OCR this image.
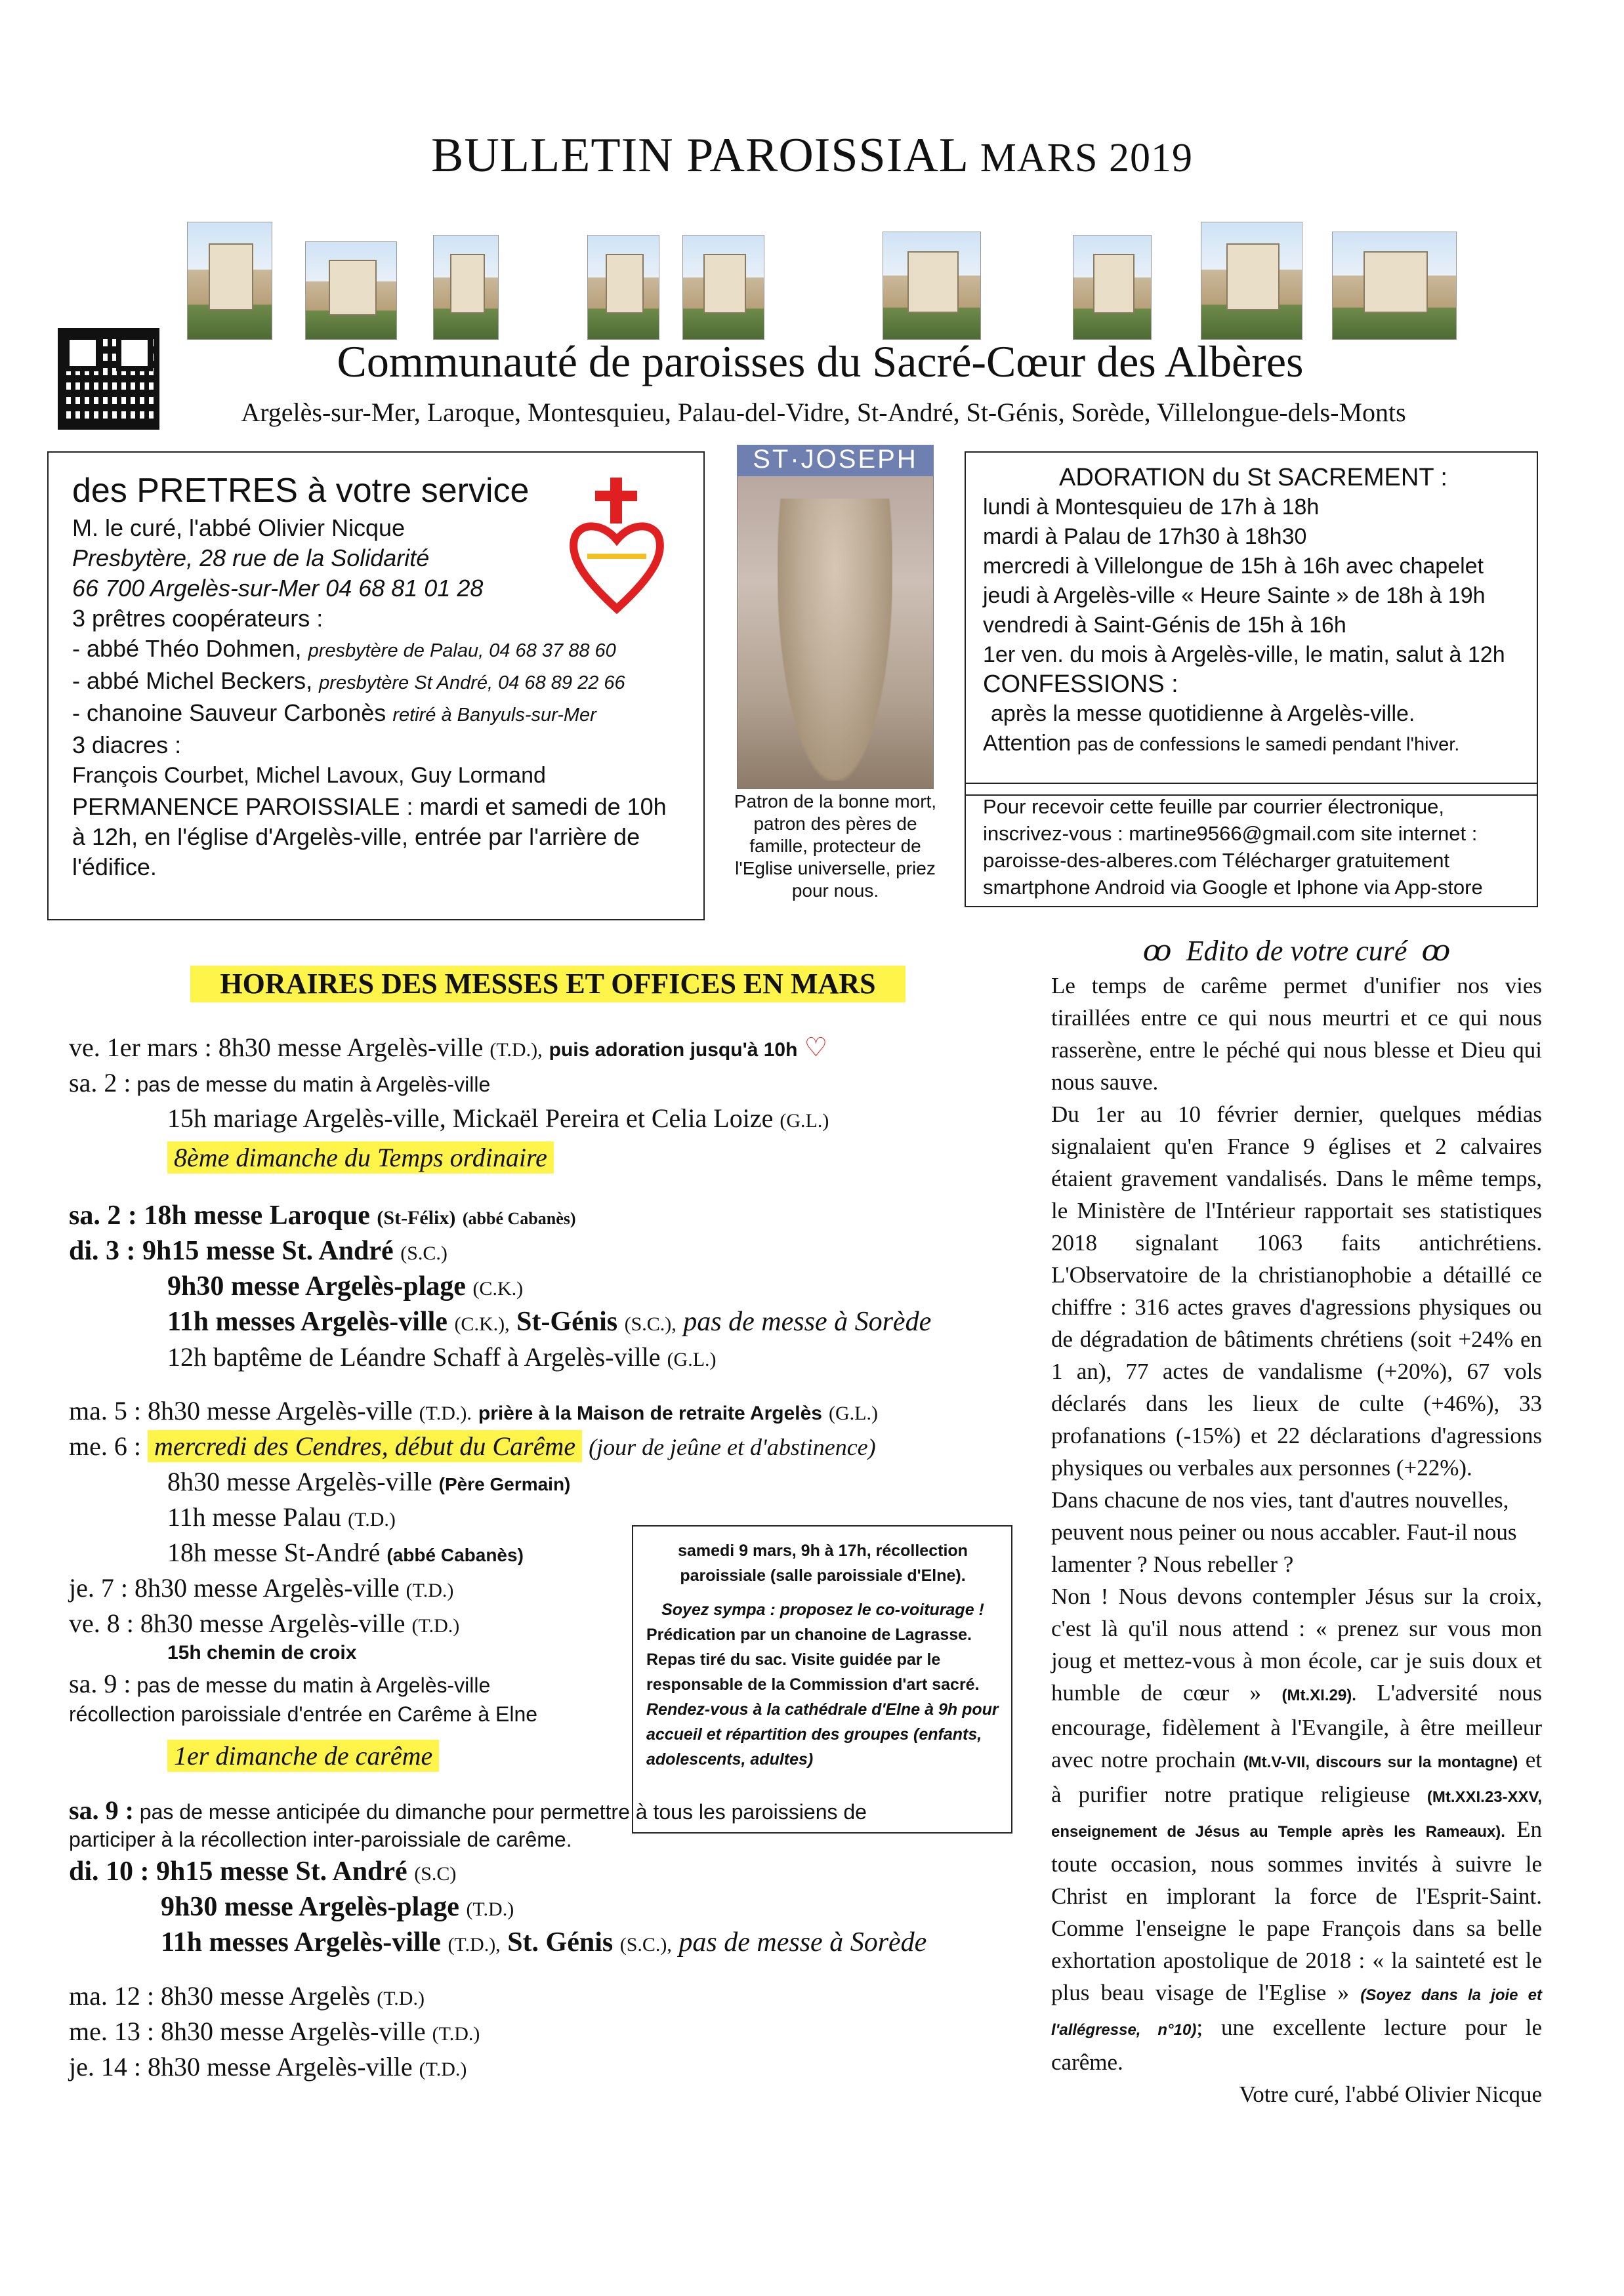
BULLETIN PAROISSIAL MARS 2019
Communauté de paroisses du Sacré-Cœur des Albères
Argelès-sur-Mer, Laroque, Montesquieu, Palau-del-Vidre, St-André, St-Génis, Sorède, Villelongue-dels-Monts
des PRETRES à votre service
M. le curé, l'abbé Olivier Nicque
Presbytère, 28 rue de la Solidarité
66 700 Argelès-sur-Mer 04 68 81 01 28
3 prêtres coopérateurs :
- abbé Théo Dohmen, presbytère de Palau, 04 68 37 88 60
- abbé Michel Beckers, presbytère St André, 04 68 89 22 66
- chanoine Sauveur Carbonès retiré à Banyuls-sur-Mer
3 diacres :
François Courbet, Michel Lavoux, Guy Lormand
PERMANENCE PAROISSIALE : mardi et samedi de 10h à 12h, en l'église d'Argelès-ville, entrée par l'arrière de l'édifice.
ST·JOSEPH
Patron de la bonne mort, patron des pères de famille, protecteur de l'Eglise universelle, priez pour nous.
ADORATION du St SACREMENT :
lundi à Montesquieu de 17h à 18h
mardi à Palau de 17h30 à 18h30
mercredi à Villelongue de 15h à 16h avec chapelet
jeudi à Argelès-ville « Heure Sainte » de 18h à 19h
vendredi à Saint-Génis de 15h à 16h
1er ven. du mois à Argelès-ville, le matin, salut à 12h
CONFESSIONS :
après la messe quotidienne à Argelès-ville.
Attention pas de confessions le samedi pendant l'hiver.
Pour recevoir cette feuille par courrier électronique, inscrivez-vous : martine9566@gmail.com site internet : paroisse-des-alberes.com Télécharger gratuitement smartphone Android via Google et Iphone via App-store
HORAIRES DES MESSES ET OFFICES EN MARS
ve. 1er mars : 8h30 messe Argelès-ville (T.D.), puis adoration jusqu'à 10h ♡
sa. 2 : pas de messe du matin à Argelès-ville
15h mariage Argelès-ville, Mickaël Pereira et Celia Loize (G.L.)
8ème dimanche du Temps ordinaire
sa. 2 : 18h messe Laroque (St-Félix) (abbé Cabanès)
di. 3 : 9h15 messe St. André (S.C.)
9h30 messe Argelès-plage (C.K.)
11h messes Argelès-ville (C.K.), St-Génis (S.C.), pas de messe à Sorède
12h baptême de Léandre Schaff à Argelès-ville (G.L.)
ma. 5 : 8h30 messe Argelès-ville (T.D.). prière à la Maison de retraite Argelès (G.L.)
me. 6 : mercredi des Cendres, début du Carême (jour de jeûne et d'abstinence)
8h30 messe Argelès-ville (Père Germain)
11h messe Palau (T.D.)
18h messe St-André (abbé Cabanès)
je. 7 : 8h30 messe Argelès-ville (T.D.)
ve. 8 : 8h30 messe Argelès-ville (T.D.)
15h chemin de croix
sa. 9 : pas de messe du matin à Argelès-ville
récollection paroissiale d'entrée en Carême à Elne
1er dimanche de carême
sa. 9 : pas de messe anticipée du dimanche pour permettre à tous les paroissiens de
participer à la récollection inter-paroissiale de carême.
di. 10 : 9h15 messe St. André (S.C)
9h30 messe Argelès-plage (T.D.)
11h messes Argelès-ville (T.D.), St. Génis (S.C.), pas de messe à Sorède
ma. 12 : 8h30 messe Argelès (T.D.)
me. 13 : 8h30 messe Argelès-ville (T.D.)
je. 14 : 8h30 messe Argelès-ville (T.D.)
samedi 9 mars, 9h à 17h, récollection paroissiale (salle paroissiale d'Elne).
Soyez sympa : proposez le co-voiturage !
Prédication par un chanoine de Lagrasse. Repas tiré du sac. Visite guidée par le responsable de la Commission d'art sacré.
Rendez-vous à la cathédrale d'Elne à 9h pour accueil et répartition des groupes (enfants, adolescents, adultes)
ꝏ  Edito de votre curé  ꝏ
Le temps de carême permet d'unifier nos vies tiraillées entre ce qui nous meurtri et ce qui nous rasserène, entre le péché qui nous blesse et Dieu qui nous sauve.
Du 1er au 10 février dernier, quelques médias signalaient qu'en France 9 églises et 2 calvaires étaient gravement vandalisés. Dans le même temps, le Ministère de l'Intérieur rapportait ses statistiques 2018 signalant 1063 faits antichrétiens. L'Observatoire de la christianophobie a détaillé ce chiffre : 316 actes graves d'agressions physiques ou de dégradation de bâtiments chrétiens (soit +24% en 1 an), 77 actes de vandalisme (+20%), 67 vols déclarés dans les lieux de culte (+46%), 33 profanations (-15%) et 22 déclarations d'agressions physiques ou verbales aux personnes (+22%).
Dans chacune de nos vies, tant d'autres nouvelles, peuvent nous peiner ou nous accabler. Faut-il nous lamenter ? Nous rebeller ?
Non ! Nous devons contempler Jésus sur la croix, c'est là qu'il nous attend : « prenez sur vous mon joug et mettez-vous à mon école, car je suis doux et humble de cœur » (Mt.XI.29). L'adversité nous encourage, fidèlement à l'Evangile, à être meilleur avec notre prochain (Mt.V-VII, discours sur la montagne) et à purifier notre pratique religieuse (Mt.XXI.23-XXV, enseignement de Jésus au Temple après les Rameaux). En toute occasion, nous sommes invités à suivre le Christ en implorant la force de l'Esprit-Saint. Comme l'enseigne le pape François dans sa belle exhortation apostolique de 2018 : « la sainteté est le plus beau visage de l'Eglise » (Soyez dans la joie et l'allégresse, n°10); une excellente lecture pour le carême.
Votre curé, l'abbé Olivier Nicque
